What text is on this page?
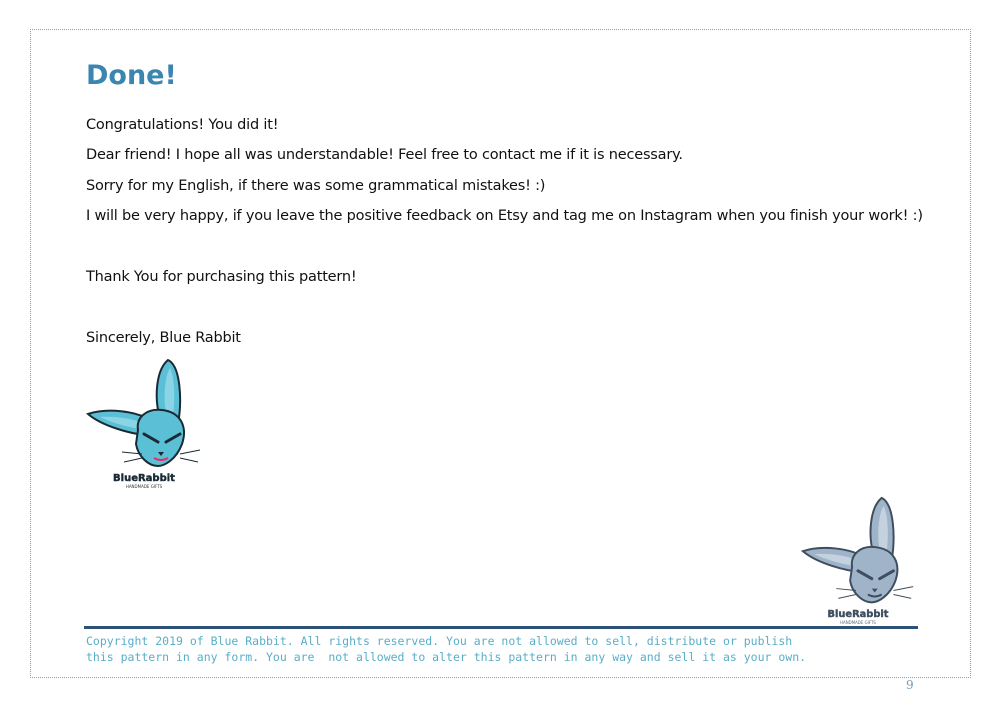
Done!

Congratulations! You did it!

Dear friend! I hope all was understandable! Feel free to contact me if it is necessary.

Sorry for my English, if there was some grammatical mistakes! :)

I will be very happy, if you leave the positive feedback on Etsy and tag me on Instagram when you finish your work! :)

Thank You for purchasing this pattern!

Sincerely, Blue Rabbit

BlueRabbit
HANDMADE GIFTS
BlueRabbit
HANDMADE GIFTS
Copyright 2019 of Blue Rabbit. All rights reserved. You are not allowed to sell, distribute or publish
this pattern in any form. You are  not allowed to alter this pattern in any way and sell it as your own.
9
